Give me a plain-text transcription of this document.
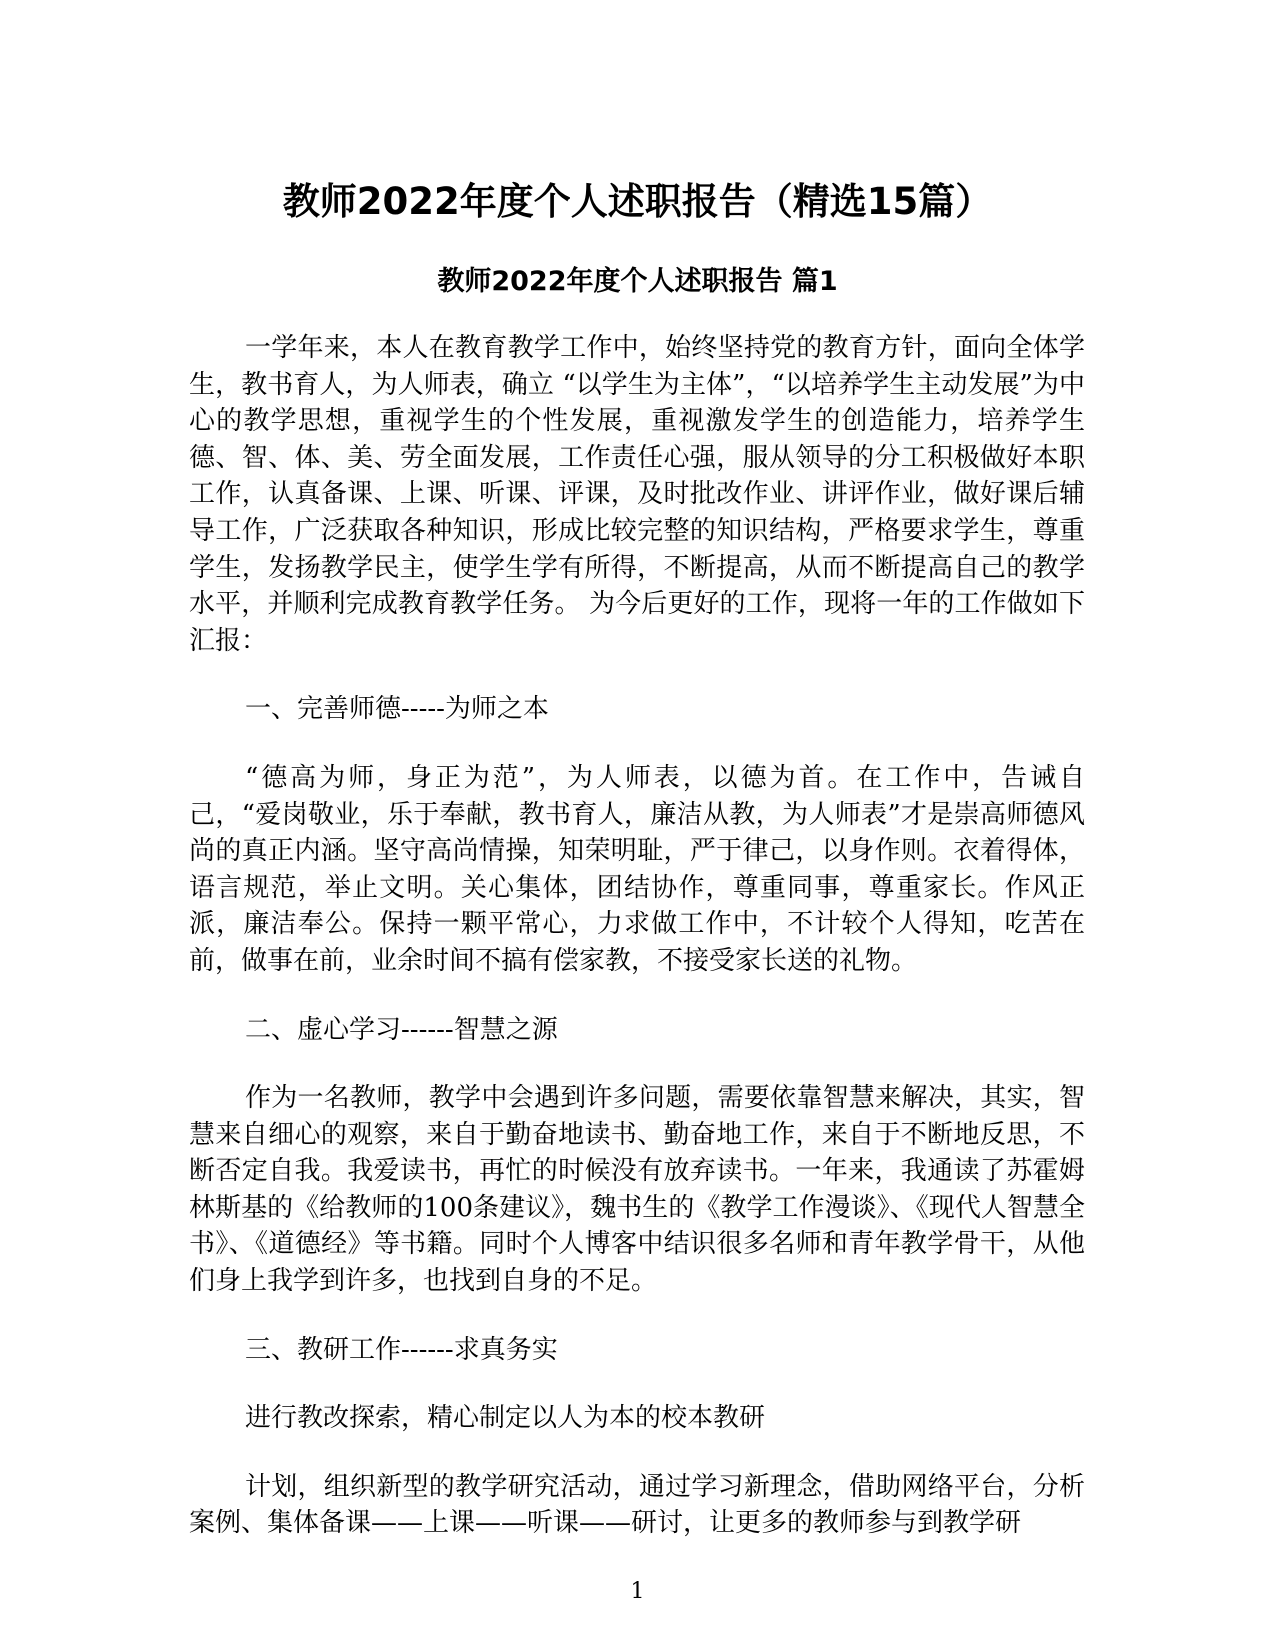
教师2022年度个人述职报告（精选15篇）
教师2022年度个人述职报告 篇1

一学年来，本人在教育教学工作中，始终坚持党的教育方针，面向全体学生，教书育人，为人师表，确立 “以学生为主体”，“以培养学生主动发展”为中心的教学思想，重视学生的个性发展，重视激发学生的创造能力，培养学生德、智、体、美、劳全面发展，工作责任心强，服从领导的分工积极做好本职工作，认真备课、上课、听课、评课，及时批改作业、讲评作业，做好课后辅导工作，广泛获取各种知识，形成比较完整的知识结构，严格要求学生，尊重学生，发扬教学民主，使学生学有所得，不断提高，从而不断提高自己的教学水平，并顺利完成教育教学任务。 为今后更好的工作，现将一年的工作做如下汇报：

一、完善师德-----为师之本

“德高为师，身正为范”，为人师表，以德为首。在工作中，告诫自己，“爱岗敬业，乐于奉献，教书育人，廉洁从教，为人师表”才是崇高师德风尚的真正内涵。坚守高尚情操，知荣明耻，严于律己，以身作则。衣着得体，语言规范，举止文明。关心集体，团结协作，尊重同事，尊重家长。作风正派，廉洁奉公。保持一颗平常心，力求做工作中，不计较个人得知，吃苦在前，做事在前，业余时间不搞有偿家教，不接受家长送的礼物。

二、虚心学习------智慧之源

作为一名教师，教学中会遇到许多问题，需要依靠智慧来解决，其实，智慧来自细心的观察，来自于勤奋地读书、勤奋地工作，来自于不断地反思，不断否定自我。我爱读书，再忙的时候没有放弃读书。一年来，我通读了苏霍姆林斯基的《给教师的100条建议》，魏书生的《教学工作漫谈》、《现代人智慧全书》、《道德经》等书籍。同时个人博客中结识很多名师和青年教学骨干，从他们身上我学到许多，也找到自身的不足。

三、教研工作------求真务实

进行教改探索，精心制定以人为本的校本教研

计划，组织新型的教学研究活动，通过学习新理念，借助网络平台，分析案例、集体备课——上课——听课——研讨，让更多的教师参与到教学研

1
